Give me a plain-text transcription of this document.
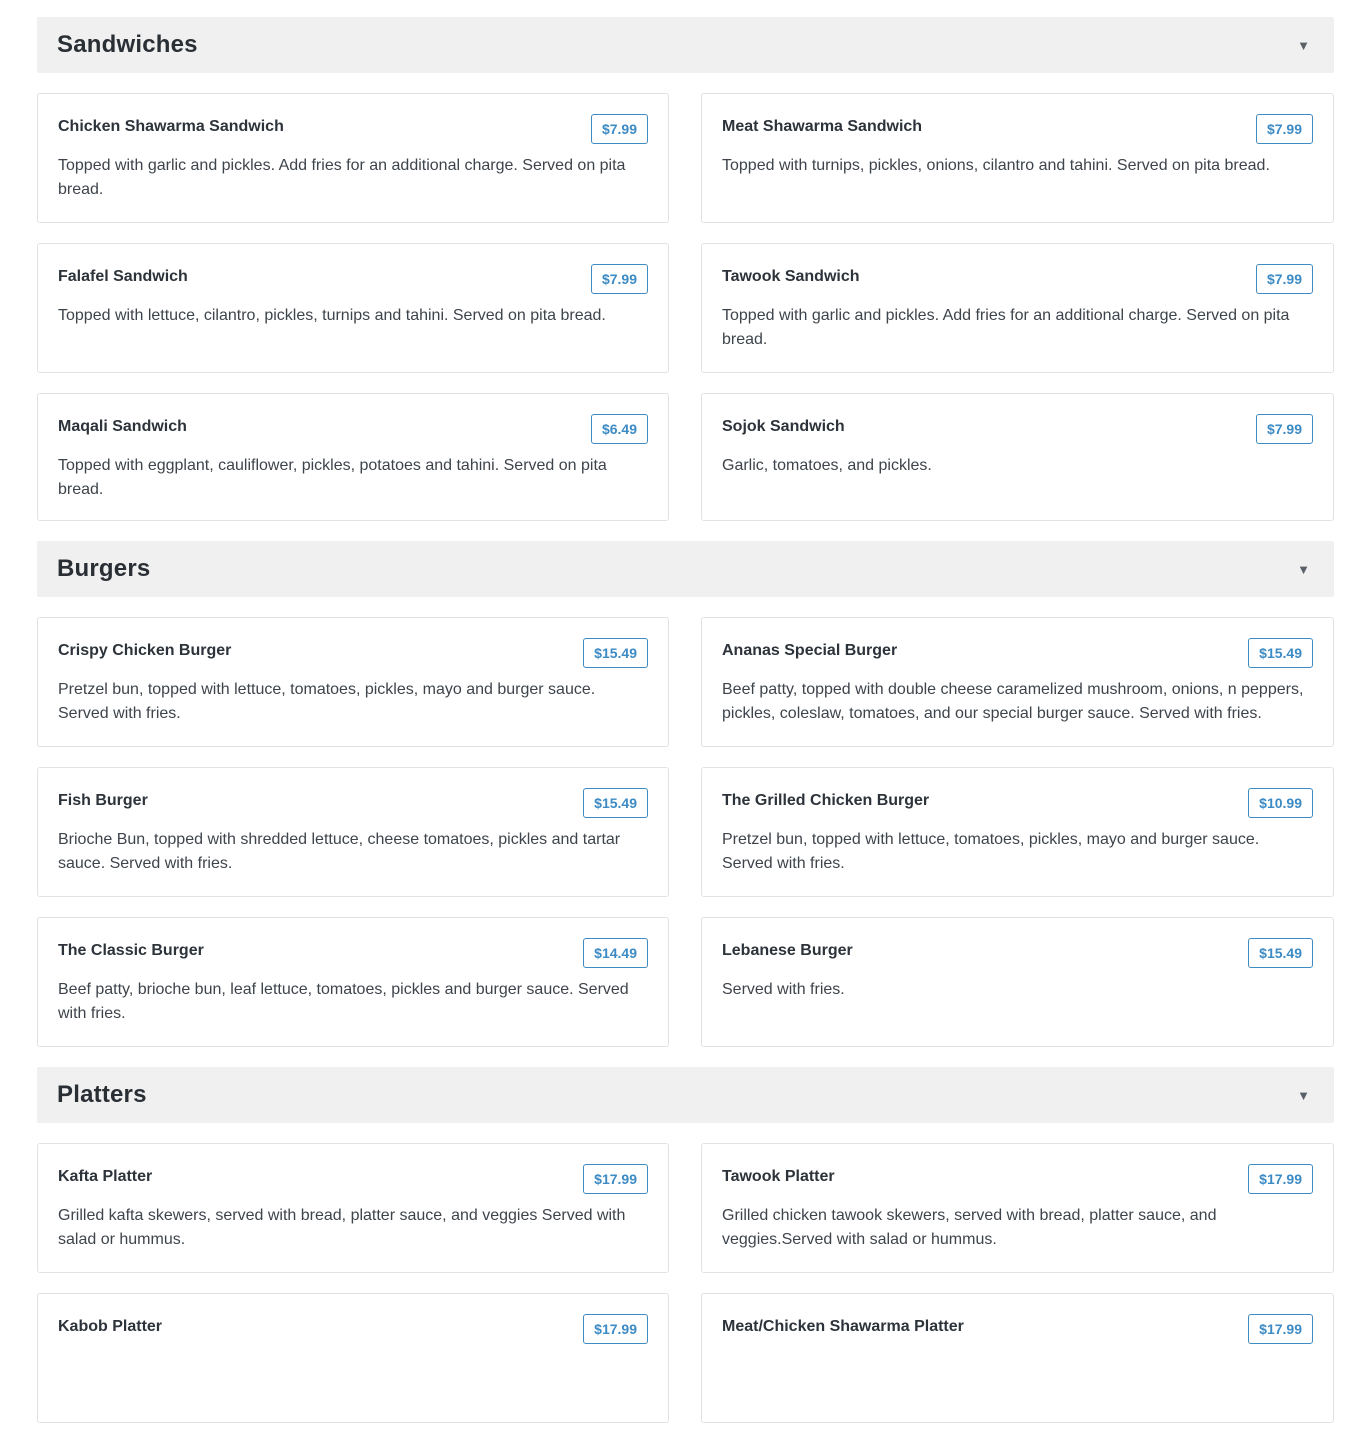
Sandwiches	▼
Chicken Shawarma Sandwich	$7.99
Topped with garlic and pickles. Add fries for an additional charge. Served on pita bread.
Meat Shawarma Sandwich	$7.99
Topped with turnips, pickles, onions, cilantro and tahini. Served on pita bread.
Falafel Sandwich	$7.99
Topped with lettuce, cilantro, pickles, turnips and tahini. Served on pita bread.
Tawook Sandwich	$7.99
Topped with garlic and pickles. Add fries for an additional charge. Served on pita bread.
Maqali Sandwich	$6.49
Topped with eggplant, cauliflower, pickles, potatoes and tahini. Served on pita bread.
Sojok Sandwich	$7.99
Garlic, tomatoes, and pickles.
Burgers	▼
Crispy Chicken Burger	$15.49
Pretzel bun, topped with lettuce, tomatoes, pickles, mayo and burger sauce. Served with fries.
Ananas Special Burger	$15.49
Beef patty, topped with double cheese caramelized mushroom, onions, n peppers, pickles, coleslaw, tomatoes, and our special burger sauce. Served with fries.
Fish Burger	$15.49
Brioche Bun, topped with shredded lettuce, cheese tomatoes, pickles and tartar sauce. Served with fries.
The Grilled Chicken Burger	$10.99
Pretzel bun, topped with lettuce, tomatoes, pickles, mayo and burger sauce. Served with fries.
The Classic Burger	$14.49
Beef patty, brioche bun, leaf lettuce, tomatoes, pickles and burger sauce. Served with fries.
Lebanese Burger	$15.49
Served with fries.
Platters	▼
Kafta Platter	$17.99
Grilled kafta skewers, served with bread, platter sauce, and veggies Served with salad or hummus.
Tawook Platter	$17.99
Grilled chicken tawook skewers, served with bread, platter sauce, and veggies.Served with salad or hummus.
Kabob Platter	$17.99	Meat/Chicken Shawarma Platter	$17.99
